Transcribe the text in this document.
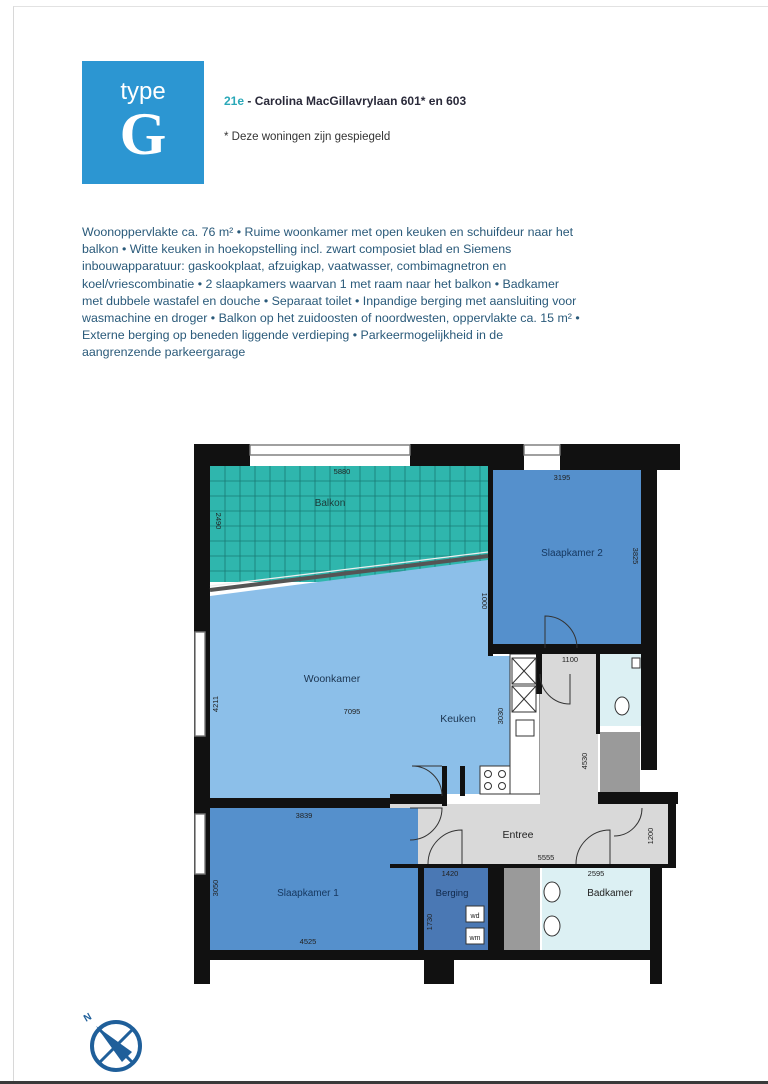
type
G	21e - Carolina MacGillavrylaan 601* en 603
* Deze woningen zijn gespiegeld
Woonoppervlakte ca. 76 m² • Ruime woonkamer met open keuken en schuifdeur naar het balkon • Witte keuken in hoekopstelling incl. zwart composiet blad en Siemens inbouwapparatuur: gaskookplaat, afzuigkap, vaatwasser, combimagnetron en koel/vriescombinatie • 2 slaapkamers waarvan 1 met raam naar het balkon • Badkamer met dubbele wastafel en douche • Separaat toilet • Inpandige berging met aansluiting voor wasmachine en droger • Balkon op het zuidoosten of noordwesten, oppervlakte ca. 15 m² • Externe berging op beneden liggende verdieping • Parkeermogelijkheid in de aangrenzende parkeergarage
Balkon
Slaapkamer 2
Woonkamer
Keuken
Slaapkamer 1
Entree
Berging	Badkamer
wd
wm
5880
3195
1100
7095
3839
5555
1420	2595
4525
2490
3825
1000
4211
3030
4530
1200
3050
1730
N
